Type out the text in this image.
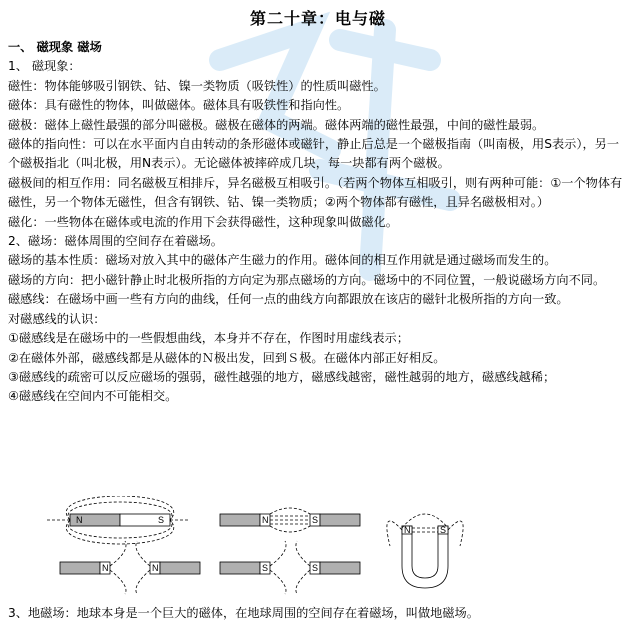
第二十章：电与磁

一、 磁现象 磁场

1、 磁现象：

磁性：物体能够吸引钢铁、钴、镍一类物质（吸铁性）的性质叫磁性。

磁体：具有磁性的物体，叫做磁体。磁体具有吸铁性和指向性。

磁极：磁体上磁性最强的部分叫磁极。磁极在磁体的两端。磁体两端的磁性最强，中间的磁性最弱。

磁体的指向性：可以在水平面内自由转动的条形磁体或磁针，静止后总是一个磁极指南（叫南极，用S表示），另一个磁极指北（叫北极，用N表示）。无论磁体被摔碎成几块，每一块都有两个磁极。

磁极间的相互作用：同名磁极互相排斥，异名磁极互相吸引。（若两个物体互相吸引，则有两种可能：①一个物体有磁性，另一个物体无磁性，但含有钢铁、钴、镍一类物质；②两个物体都有磁性，且异名磁极相对。）

磁化：一些物体在磁体或电流的作用下会获得磁性，这种现象叫做磁化。

2、磁场：磁体周围的空间存在着磁场。

磁场的基本性质：磁场对放入其中的磁体产生磁力的作用。磁体间的相互作用就是通过磁场而发生的。

磁场的方向：把小磁针静止时北极所指的方向定为那点磁场的方向。磁场中的不同位置，一般说磁场方向不同。

磁感线：在磁场中画一些有方向的曲线，任何一点的曲线方向都跟放在该店的磁针北极所指的方向一致。

对磁感线的认识：

①磁感线是在磁场中的一些假想曲线，本身并不存在，作图时用虚线表示；

②在磁体外部，磁感线都是从磁体的Ｎ极出发，回到Ｓ极。在磁体内部正好相反。

③磁感线的疏密可以反应磁场的强弱，磁性越强的地方，磁感线越密，磁性越弱的地方，磁感线越稀；

④磁感线在空间内不可能相交。

N	S	N	S
N	S
N	N	S	S
3、地磁场：地球本身是一个巨大的磁体，在地球周围的空间存在着磁场，叫做地磁场。
